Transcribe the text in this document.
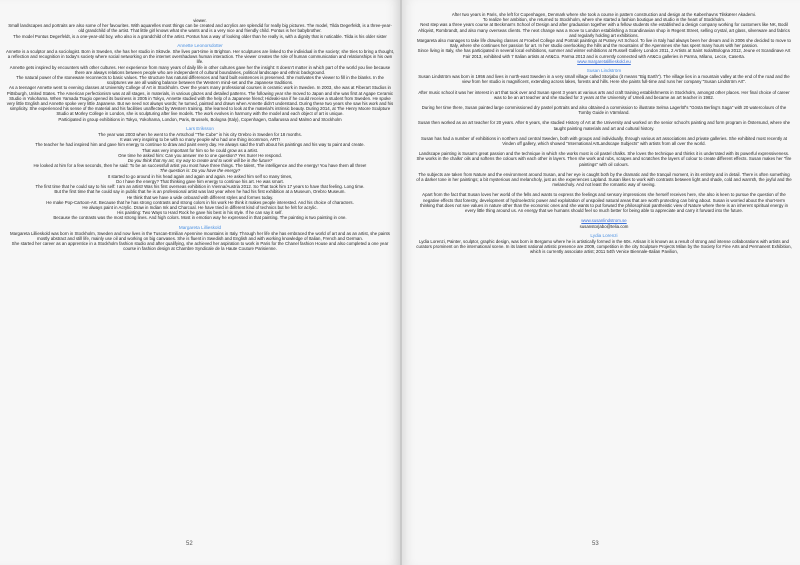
viewer.

Small landscapes and portraits are also some of her favourites. With aquarelles most things can be created and acrylics are splendid for really big pictures. The model, Tilda Degerfeldt, is a three-year-old grandchild of the artist. That little girl knows what she wants and is a very nice and friendly child. Pontus is her babybrother.

The model Pontus Degerfeldt, is a one-year-old boy, who also is a grandchild of the artist. Pontus has a way of looking older than he really is, with a dignity that is noticable. Tilda is his older sister

Annette Leonorsdotter

Annette is a sculptor and a sociologist. Born in Sweden, she has her studio in Skövde. She lives part-time in Brighton. Her sculptures are linked to the individual in the society; she tries to bring a thought, a reflection and recognition in today's society where social networking on the internet overshadows human interaction. The viewer creates the role of human communication and relationships in his own life.

Annette gets inspired by encounters with other cultures. Her experience from many years of daily life in other cultures gave her the insight: It doesn't matter in which part of the world you live because there are always relations between people who are independent of cultural boundaries, political landscape and ethnic background.

The natural power of the stoneware reconnects to basic values. The structure has natural differences and hard built existences is preserved. She motivates the viewer to fill in the blanks. In the sculptures we are all waiting balance between the Western mind-set and the Japanese traditions.

As a teenager Annette went to evening classes at University College of Art in Stockholm. Over the years many professional courses in ceramic work in Sweden. In 2003, she was at Fiberart Studios in Pittsburgh, United States. The American perfectionism was at all stages, in materials, in various glazes and detailed patterns. The following year she moved to Japan and she was first at Agape Ceramic Studio in Yokohama. When Yamada Tsugio opened its business in 2005 in Tokyo, Annette studied with the help of a Japanese friend; Hideaki-san if he could receive a student from Sweden. He spoke very little English and Annette spoke very little Japanese. But we need not always words; he turned, painted and drawn when Annette didn't understand. During these two years she saw his work and his simplicity. She experienced his sense of the material and his facilities unaffected by Western training. She learned to look at the material's intrinsic beauty. During 2014, at The Henry Moore Sculpture Studio at Morley College in London, she is sculpturing after live models. The work evolves in harmony with the model and each object of art is unique.

Participated in group exhibitions in Tokyo, Yokohama, London, Paris, Brussels, Bologna (Italy), Copenhagen, Gallarussa and Malmö and Stockholm

Lars Eriksson

The year was 2003 when he went to the Artschool "The Cube" in his city Orebro in Sweden for 18 months.

It was very inspiring to be with so many people who had one thing incommon, ART!

The teacher he had inspired him and gave him energy to continue to draw and paint every day. He always said the truth about his paintings and his way to paint and create.

That was very important for him so he could grow as a artist.

One time he asked him: Can you answer me to one question? Yes Sure! He respond.

Do you think that my art, my way to create and to work will be in the future?

He looked at him for a few seconds, then he said: To be an successfull artist you most have three things. The talent, The intelligence and the energy! You have them all three!

The question is: Do you have the energy?

It started to go around in his head again and again and again. He asked him self so many times,

Do I have the energy? That thinking gave him energy to continue his art. He was smart.

The first time that he could say to his self: I am an artist! Was his first overseas exhibition in Vienna/Austria 2012. So That took him 17 years to have that feeling. Long time.

But the first time that he could say in public that he is an professional artist was last year when he had his first exhibition at a Museum, Orebro Museum.

He think that we have a wide onboard with different styles and formes today.

He make Pop-Cartoon-Art. Because that he has strong contrasts and strong colors in his work He think it makes people interested. And his choice of characters.

He always paint in Acrylic. Draw in Indian Ink and Charcoal. He have tried in different kind of technics but he felt for acrylic.

His painting: Two Ways to Hard Rock he gave his best in his style. If he can say it self.

Because the contrasts was the most strong lines. And high colors. Most in emotion way he expressed in that painting. The painting is two painting in one.

Margareta Lillieskold

Margareta Lillieskold was born in Stockholm, Sweden and now lives in the Tuscan-Emilian Apennine mountains in Italy. Through her life she has embraced the world of art and as an artist, she paints mostly abstract and still life, mainly use oil and working on big canvases. She is fluent in Swedish and English and with working knowledge of Italian, French and German.

She started her career as an apprentice in a Stockholm fashion studio and after qualifying, she achieved her aspiration to work in Paris for the Chanel fashion House and also completed a one year course in fashion design at Chambre Syndicale de la Haute Couture Parisienne.

52

After two years in Paris, she left for Copenhagen, Denmark where she took a course in pattern construction and design at the Københavns Tilskærer Akademi.

To realize her ambition, she returned to Stockholm, where she started a fashion boutique and studio in the heart of Stockholm.

Next step was a three years course at Beckman's School of Design and after graduation together with a fellow students she established a design company working for customers like NK, Bodil Ahlqvist, Rombrandt, and also many overseas clients. The next change was a move to London establishing a Scandinavian shop in Regent Street, selling crystal, art glass, silverware and fabrics and regularly holding art exhibitions.

Margareta also manages to take life drawing classes at Froebel College and Portrait paintings at Putney Art School. To live in Italy had always been her dream and in 2006 she decided to move to Italy, where she continues her passion for art. In her studio overlooking the hills and the mountains of the Apennines she has spent many hours with her passion.

Since living in Italy, she has participated in several local exhibitions, summer and winter exhibitions at Russell Gallery London 2011, 2 Artists at Saint Isola/Bologna 2012, Jeune et Scandinave Art Fair 2013, exhibited with 7 Italian artists at Art&Co. Parma 2013 and is currently connected with Art&Co galleries in Parma, Milano, Lecce, Caserta.

www.margaretalillieskold.eu

Susan Lindström

Susan Lindström was born in 1956 and lives in north-east Sweden in a very small village called Storjabo (it means "Big Earth"). The village lies in a mountain valley at the end of the road and the view from her studio is magnificent, extending across lakes, forests and hills. Here she paints full-time and runs her company "Susan Lindström Art".

After music school it was her interest in art that took over and Susan spent 3 years at various arts and craft training establishments in Stockholm, amongst other places. Her final choice of career was to be an art teacher and she studied for 3 years at the University of Umeå and became an art teacher in 1982.

During her time there, Susan painted large commissioned dry pastel portraits and also obtained a commission to illustrate Selma Lagerlöf's "Gösta Berling's Saga" with 20 watercolours of the Tomby Guide in Värmland.

Susan then worked as an art teacher for 20 years. After 6 years, she studied History of Art at the University and worked on the senior school's painting and form program in Östersund, where she taught painting materials and art and cultural history.

Susan has had a number of exhibitions in northern and central Sweden, both with groups and individually, through various art associations and private galleries. She exhibited most recently at Vinden off gallery, which showed "International ArtLandscape Subjects" with artists from all over the world.

Landscape painting is Susan's great passion and the technique in which she works most is oil pastel chalks. She loves the technique and thinks it is underrated with its powerful expressiveness. She works in the chalks' oils and softens the colours with each other in layers. Then she work and rubs, scrapes and scratches the layers of colour to create different effects. Susan makes her "fire paintings" with oil colours.

The subjects are taken from Nature and the environment around Susan, and her eye is caught both by the dramatic and the tranquil moment, in its entirety and in detail. There is often something of a darker tone in her paintings; a bit mysterious and melancholy, just as she experiences Lapland. Susan likes to work with contrasts between light and shade, cold and warmth, the joyful and the melancholy. And not least the romantic way of seeing.

Apart from the fact that Susan loves her world of the fells and wants to express the feelings and sensory impressions she herself receives here, she also is keen to pursue the question of the negative effects that forestry, development of hydroelectric power and exploitation of unspoiled natural areas that are worth protecting can bring about. Susan is worried about the short-term thinking that does not see values in nature other than the economic ones and she wants to put forward the philosophical pantheistic view of Nature where there is an inherent spiritual energy in every little thing around us. An energy that we humans should feel so much better for being able to appreciate and carry it forward into the future.

www.susanlindstrom.se

susanstorjabo@telia.com

Lydia Lorenzi

Lydia Lorenzi, Painter, sculptor, graphic design, was born in Bergamo where he is artistically formed in the 60s. Artisan it is known as a result of strong and intense collaborations with artists and curators prominent on the international scene. In its latest national artistic presence are 2009, competition in the city Sculpture Projects Milan by the Society for Fine Arts and Permanent Exhibition, which is currently associate artist; 2011 54th Venice Biennale-Italian Pavilion,

53
